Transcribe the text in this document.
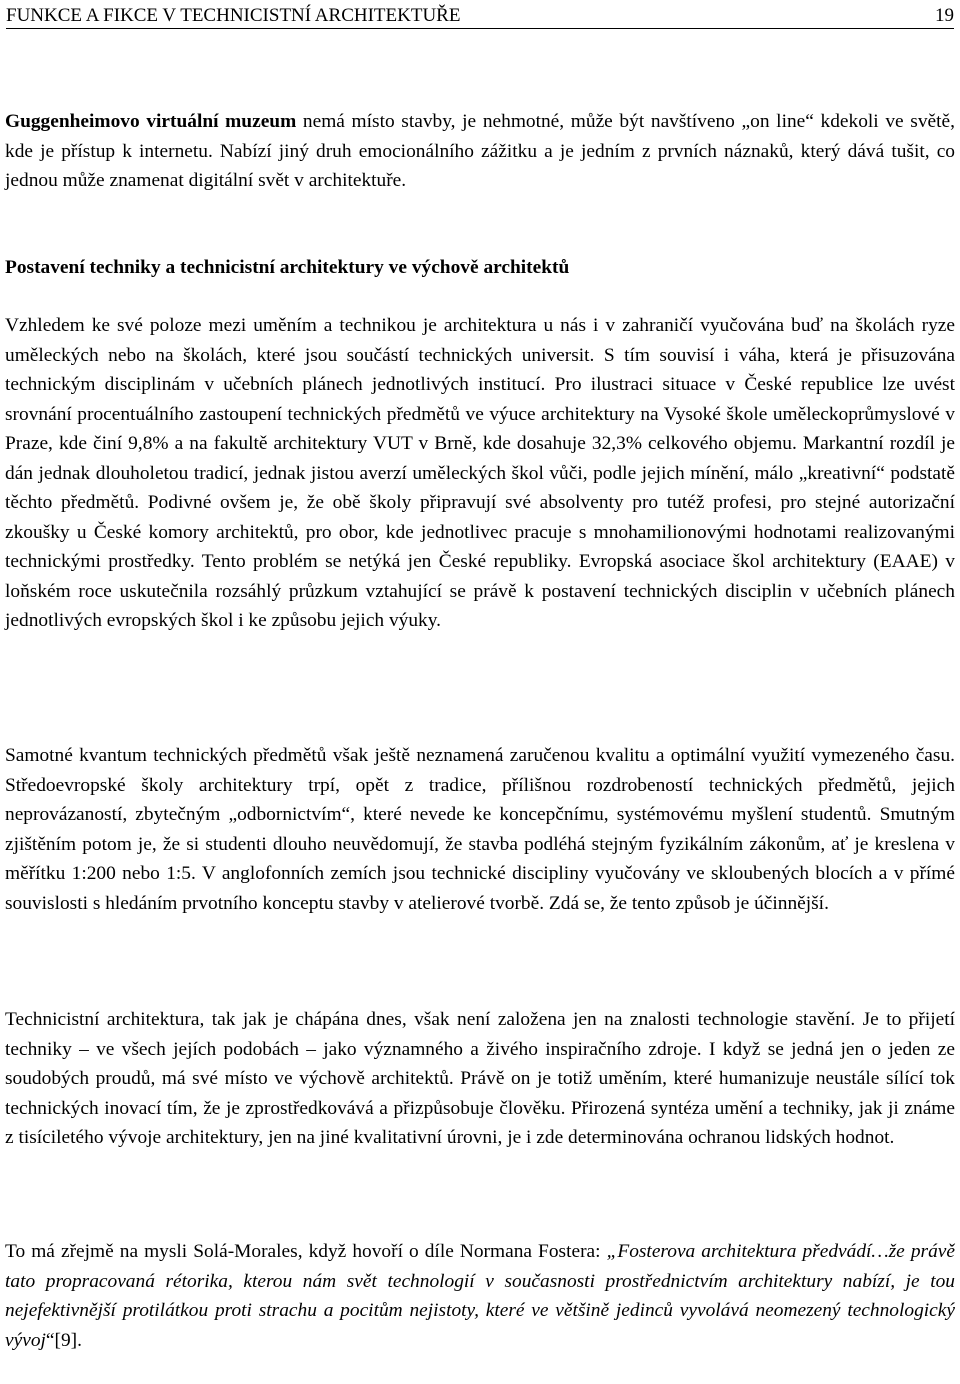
FUNKCE A FIKCE V TECHNICISTNÍ ARCHITEKTUŘE	19

Guggenheimovo virtuální muzeum nemá místo stavby, je nehmotné, může být navštíveno „on line“ kdekoli ve světě, kde je přístup k internetu. Nabízí jiný druh emocionálního zážitku a je jedním z prvních náznaků, který dává tušit, co jednou může znamenat digitální svět v architektuře.

Postavení techniky a technicistní architektury ve výchově architektů

Vzhledem ke své poloze mezi uměním a technikou je architektura u nás i v zahraničí vyučována buď na školách ryze uměleckých nebo na školách, které jsou součástí technických universit. S tím souvisí i váha, která je přisuzována technickým disciplinám v učebních plánech jednotlivých institucí. Pro ilustraci situace v České republice lze uvést srovnání procentuálního zastoupení technických předmětů ve výuce architektury na Vysoké škole uměleckoprůmyslové v Praze, kde činí 9,8% a na fakultě architektury VUT v Brně, kde dosahuje 32,3% celkového objemu. Markantní rozdíl je dán jednak dlouholetou tradicí, jednak jistou averzí uměleckých škol vůči, podle jejich mínění, málo „kreativní“ podstatě těchto předmětů. Podivné ovšem je, že obě školy připravují své absolventy pro tutéž profesi, pro stejné autorizační zkoušky u České komory architektů, pro obor, kde jednotlivec pracuje s mnohamilionovými hodnotami realizovanými technickými prostředky. Tento problém se netýká jen České republiky. Evropská asociace škol architektury (EAAE) v loňském roce uskutečnila rozsáhlý průzkum vztahující se právě k postavení technických disciplin v učebních plánech jednotlivých evropských škol i ke způsobu jejich výuky.

Samotné kvantum technických předmětů však ještě neznamená zaručenou kvalitu a optimální využití vymezeného času. Středoevropské školy architektury trpí, opět z tradice, přílišnou rozdrobeností technických předmětů, jejich neprovázaností, zbytečným „odbornictvím“, které nevede ke koncepčnímu, systémovému myšlení studentů. Smutným zjištěním potom je, že si studenti dlouho neuvědomují, že stavba podléhá stejným fyzikálním zákonům, ať je kreslena v měřítku 1:200 nebo 1:5. V anglofonních zemích jsou technické discipliny vyučovány ve skloubených blocích a v přímé souvislosti s hledáním prvotního konceptu stavby v atelierové tvorbě. Zdá se, že tento způsob je účinnější.

Technicistní architektura, tak jak je chápána dnes, však není založena jen na znalosti technologie stavění. Je to přijetí techniky – ve všech jejích podobách – jako významného a živého inspiračního zdroje. I když se jedná jen o jeden ze soudobých proudů, má své místo ve výchově architektů. Právě on je totiž uměním, které humanizuje neustále sílící tok technických inovací tím, že je zprostředkovává a přizpůsobuje člověku. Přirozená syntéza umění a techniky, jak ji známe z tisíciletého vývoje architektury, jen na jiné kvalitativní úrovni, je i zde determinována ochranou lidských hodnot.

To má zřejmě na mysli Solá-Morales, když hovoří o díle Normana Fostera: „Fosterova architektura předvádí…že právě tato propracovaná rétorika, kterou nám svět technologií v současnosti prostřednictvím architektury nabízí, je tou nejefektivnější protilátkou proti strachu a pocitům nejistoty, které ve většině jedinců vyvolává neomezený technologický vývoj“[9].
